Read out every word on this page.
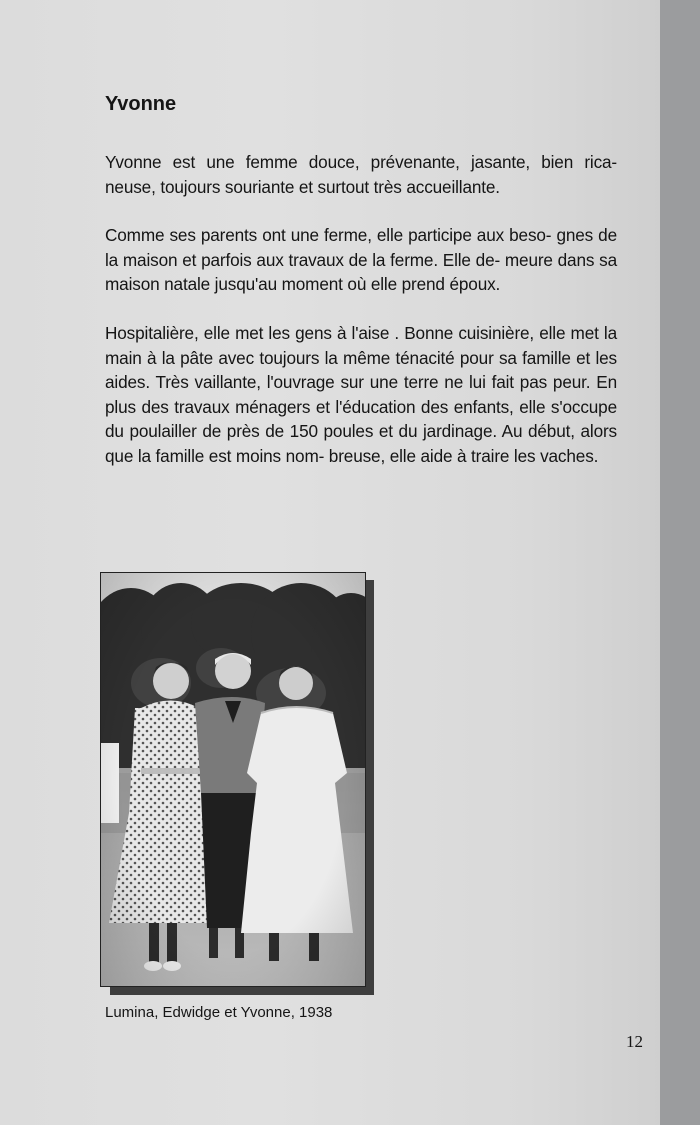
Yvonne

Yvonne est une femme douce, prévenante, jasante, bien rica- neuse, toujours souriante et surtout très accueillante.

Comme ses parents ont une ferme, elle participe aux beso- gnes de la maison et parfois aux travaux de la ferme. Elle de- meure dans sa maison natale jusqu'au moment où elle prend époux.

Hospitalière, elle met les gens à l'aise . Bonne cuisinière, elle met la main à la pâte avec toujours la même ténacité pour sa famille et les aides. Très vaillante, l'ouvrage sur une terre ne lui fait pas peur. En plus des travaux ménagers et l'éducation des enfants, elle s'occupe du poulailler de près de 150 poules et du jardinage. Au début, alors que la famille est moins nom- breuse, elle aide à traire les vaches.

Lumina, Edwidge et Yvonne, 1938
12
